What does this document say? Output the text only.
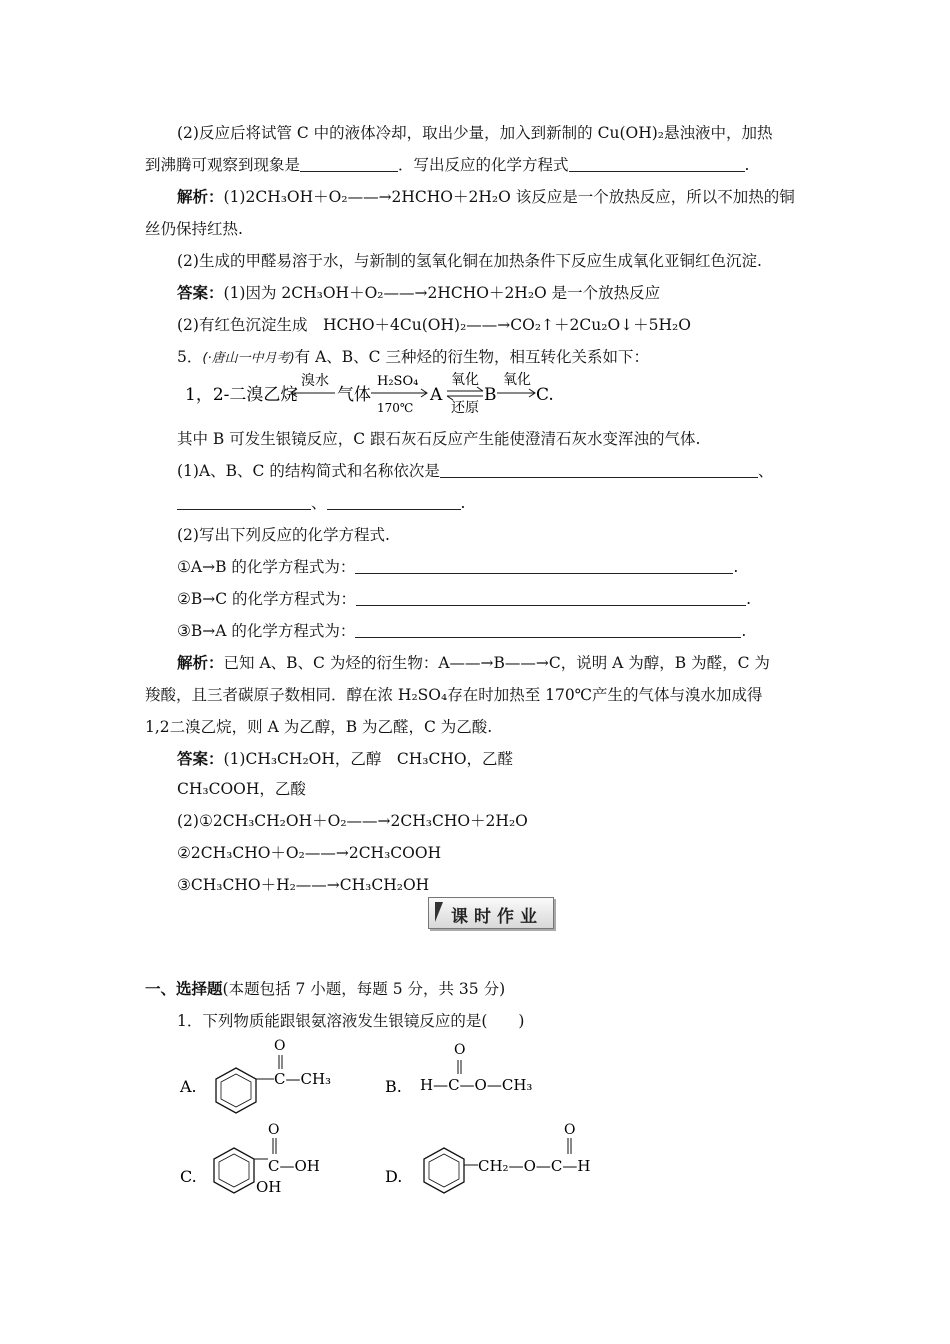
(2)反应后将试管 C 中的液体冷却，取出少量，加入到新制的 Cu(OH)₂悬浊液中，加热
到沸腾可观察到现象是	．写出反应的化学方程式	.
解析：(1)2CH₃OH＋O₂——→2HCHO＋2H₂O 该反应是一个放热反应，所以不加热的铜
丝仍保持红热.
(2)生成的甲醛易溶于水，与新制的氢氧化铜在加热条件下反应生成氧化亚铜红色沉淀.
答案：(1)因为 2CH₃OH＋O₂——→2HCHO＋2H₂O 是一个放热反应
(2)有红色沉淀生成　HCHO＋4Cu(OH)₂——→CO₂↑＋2Cu₂O↓＋5H₂O
5．(·唐山一中月考)有 A、B、C 三种烃的衍生物，相互转化关系如下：
1，2-二溴乙烷
溴水
气体
H₂SO₄
170℃
A
氧化
还原
B
氧化
C.
其中 B 可发生银镜反应，C 跟石灰石反应产生能使澄清石灰水变浑浊的气体.
(1)A、B、C 的结构简式和名称依次是	、
、	.
(2)写出下列反应的化学方程式.
①A→B 的化学方程式为：	.
②B→C 的化学方程式为：	.
③B→A 的化学方程式为：	.
解析：已知 A、B、C 为烃的衍生物：A——→B——→C，说明 A 为醇，B 为醛，C 为
羧酸，且三者碳原子数相同．醇在浓 H₂SO₄存在时加热至 170℃产生的气体与溴水加成得
1,2二溴乙烷，则 A 为乙醇，B 为乙醛，C 为乙酸.
答案：(1)CH₃CH₂OH，乙醇　CH₃CHO，乙醛
CH₃COOH，乙酸
(2)①2CH₃CH₂OH＋O₂——→2CH₃CHO＋2H₂O
②2CH₃CHO＋O₂——→2CH₃COOH
③CH₃CHO＋H₂——→CH₃CH₂OH
课时作业
一、选择题(本题包括 7 小题，每题 5 分，共 35 分)
1．下列物质能跟银氨溶液发生银镜反应的是(　　)
A.	C—CH₃
O
B. H—C—O—CH₃
O
C.
C—OH
O
OH
D.
CH₂—O—C—H
O
